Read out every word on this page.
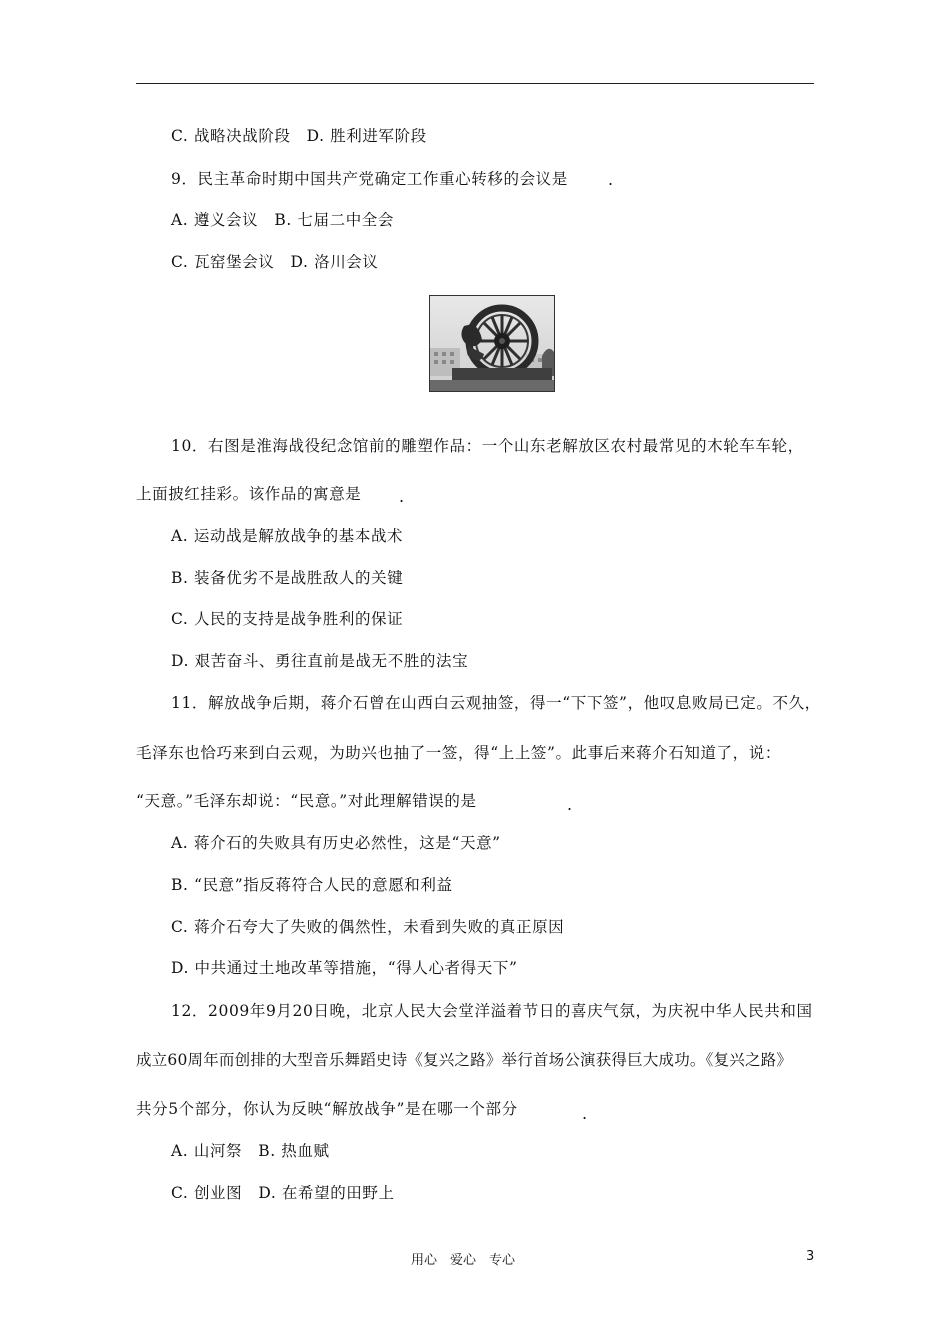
C. 战略决战阶段　D. 胜利进军阶段
9．民主革命时期中国共产党确定工作重心转移的会议是	.
A. 遵义会议　B. 七届二中全会
C. 瓦窑堡会议　D. 洛川会议
10．右图是淮海战役纪念馆前的雕塑作品：一个山东老解放区农村最常见的木轮车车轮，
上面披红挂彩。该作品的寓意是 .
A. 运动战是解放战争的基本战术
B. 装备优劣不是战胜敌人的关键
C. 人民的支持是战争胜利的保证
D. 艰苦奋斗、勇往直前是战无不胜的法宝
11．解放战争后期，蒋介石曾在山西白云观抽签，得一“下下签”，他叹息败局已定。不久，
毛泽东也恰巧来到白云观，为助兴也抽了一签，得“上上签”。此事后来蒋介石知道了，说：
“天意。”毛泽东却说：“民意。”对此理解错误的是	.
A. 蒋介石的失败具有历史必然性，这是“天意”
B. “民意”指反蒋符合人民的意愿和利益
C. 蒋介石夸大了失败的偶然性，未看到失败的真正原因
D. 中共通过土地改革等措施，“得人心者得天下”
12．2009年9月20日晚，北京人民大会堂洋溢着节日的喜庆气氛，为庆祝中华人民共和国
成立60周年而创排的大型音乐舞蹈史诗《复兴之路》举行首场公演获得巨大成功。《复兴之路》
共分5个部分，你认为反映“解放战争”是在哪一个部分	.
A. 山河祭　B. 热血赋
C. 创业图　D. 在希望的田野上
用心　爱心　专心	3
